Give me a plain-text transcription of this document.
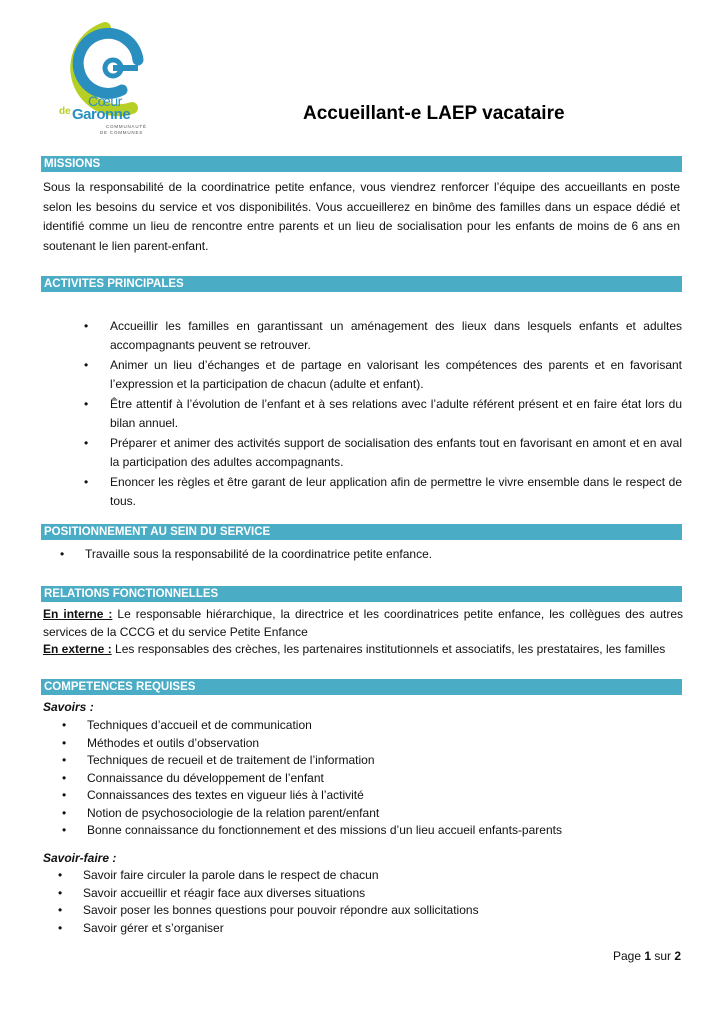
Cœur
de Garonne
COMMUNAUTÉ
DE COMMUNES
Accueillant-e LAEP vacataire
MISSIONS
Sous la responsabilité de la coordinatrice petite enfance, vous viendrez renforcer l’équipe des accueillants en poste selon les besoins du service et vos disponibilités. Vous accueillerez en binôme des familles dans un espace dédié et identifié comme un lieu de rencontre entre parents et un lieu de socialisation pour les enfants de moins de 6 ans en soutenant le lien parent-enfant.
ACTIVITES PRINCIPALES
• Accueillir les familles en garantissant un aménagement des lieux dans lesquels enfants et adultes accompagnants peuvent se retrouver.
• Animer un lieu d’échanges et de partage en valorisant les compétences des parents et en favorisant l’expression et la participation de chacun (adulte et enfant).
• Être attentif à l’évolution de l’enfant et à ses relations avec l’adulte référent présent et en faire état lors du bilan annuel.
• Préparer et animer des activités support de socialisation des enfants tout en favorisant en amont et en aval la participation des adultes accompagnants.
• Enoncer les règles et être garant de leur application afin de permettre le vivre ensemble dans le respect de tous.
POSITIONNEMENT AU SEIN DU SERVICE
• Travaille sous la responsabilité de la coordinatrice petite enfance.
RELATIONS FONCTIONNELLES
En interne : Le responsable hiérarchique, la directrice et les coordinatrices petite enfance, les collègues des autres services de la CCCG et du service Petite Enfance
En externe : Les responsables des crèches, les partenaires institutionnels et associatifs, les prestataires, les familles
COMPETENCES REQUISES
Savoirs :
• Techniques d’accueil et de communication
• Méthodes et outils d’observation
• Techniques de recueil et de traitement de l’information
• Connaissance du développement de l’enfant
• Connaissances des textes en vigueur liés à l’activité
• Notion de psychosociologie de la relation parent/enfant
• Bonne connaissance du fonctionnement et des missions d’un lieu accueil enfants-parents
Savoir-faire :
• Savoir faire circuler la parole dans le respect de chacun
• Savoir accueillir et réagir face aux diverses situations
• Savoir poser les bonnes questions pour pouvoir répondre aux sollicitations
• Savoir gérer et s’organiser
Page 1 sur 2
